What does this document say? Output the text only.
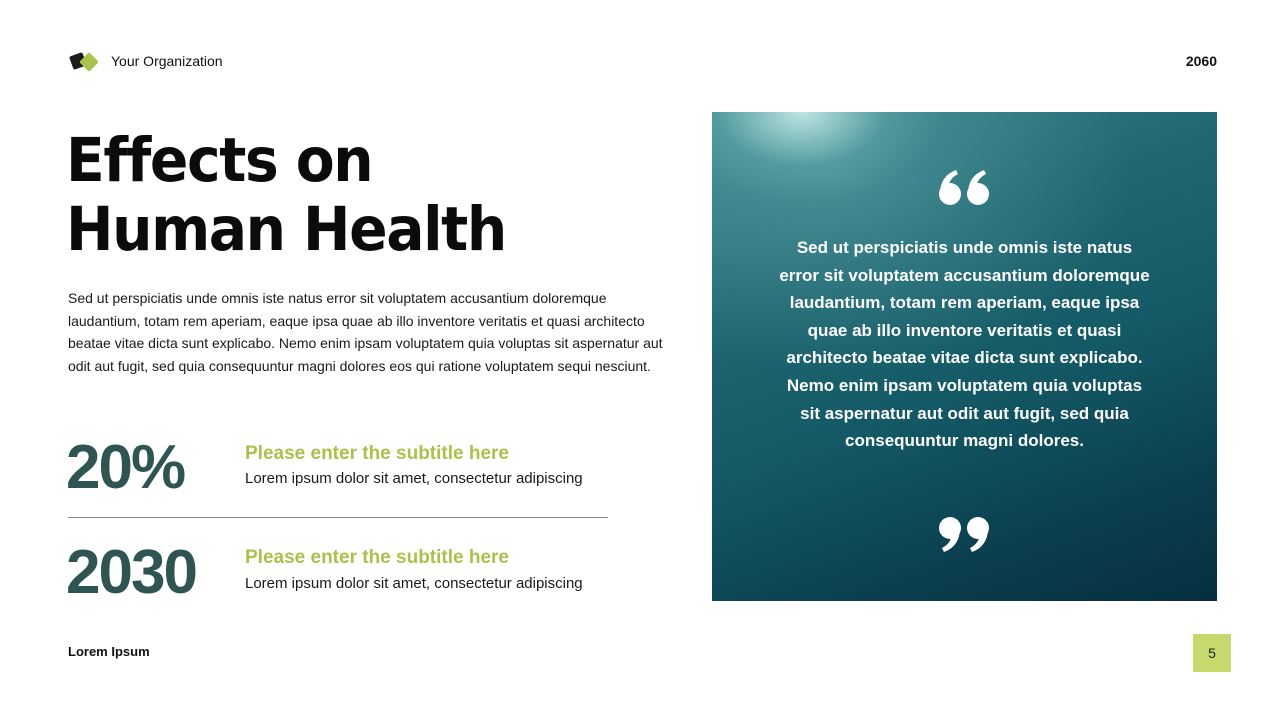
Your Organization	2060
Effects on
Human Health
Sed ut perspiciatis unde omnis iste natus error sit voluptatem accusantium doloremque laudantium, totam rem aperiam, eaque ipsa quae ab illo inventore veritatis et quasi architecto beatae vitae dicta sunt explicabo. Nemo enim ipsam voluptatem quia voluptas sit aspernatur aut odit aut fugit, sed quia consequuntur magni dolores eos qui ratione voluptatem sequi nesciunt.
20%	Please enter the subtitle here
Lorem ipsum dolor sit amet, consectetur adipiscing
2030	Please enter the subtitle here
Lorem ipsum dolor sit amet, consectetur adipiscing
Sed ut perspiciatis unde omnis iste natus error sit voluptatem accusantium doloremque laudantium, totam rem aperiam, eaque ipsa quae ab illo inventore veritatis et quasi architecto beatae vitae dicta sunt explicabo. Nemo enim ipsam voluptatem quia voluptas sit aspernatur aut odit aut fugit, sed quia consequuntur magni dolores.
Lorem Ipsum	5
